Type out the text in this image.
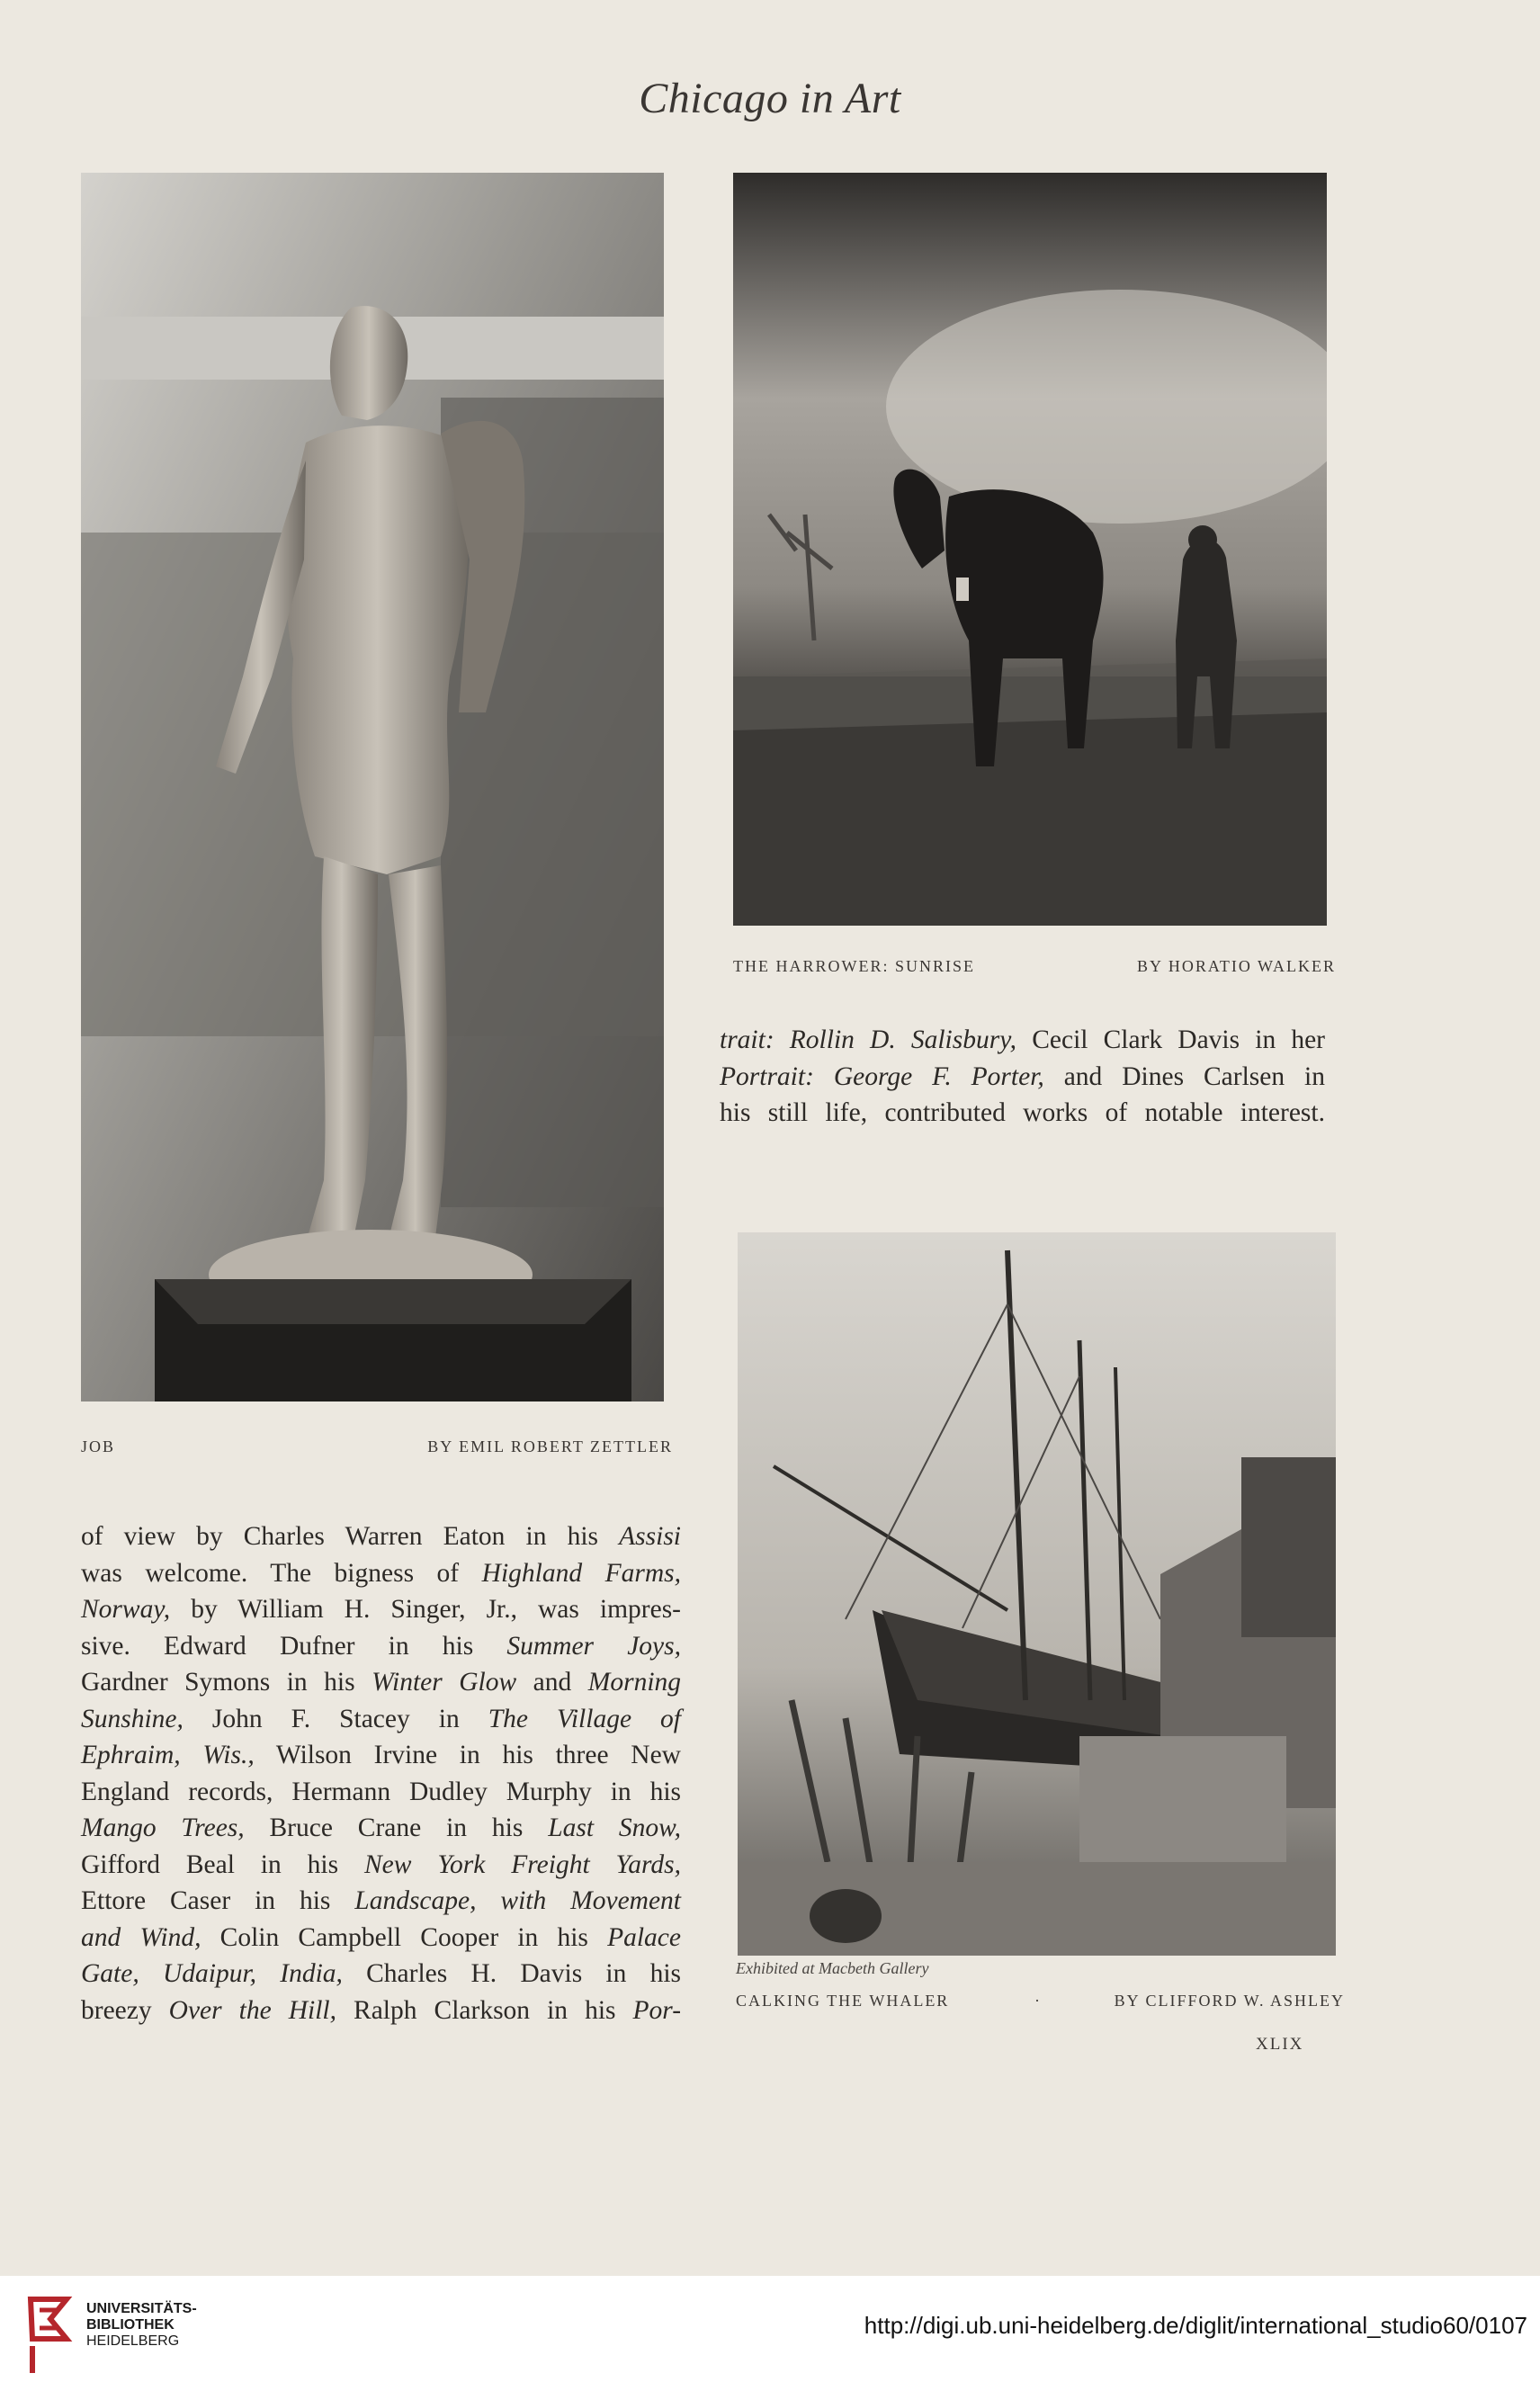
Chicago in Art
JOB	BY EMIL ROBERT ZETTLER
THE HARROWER: SUNRISE	BY HORATIO WALKER
trait: Rollin D. Salisbury, Cecil Clark Davis in her
Portrait: George F. Porter, and Dines Carlsen in
his still life, contributed works of notable interest.
Exhibited at Macbeth Gallery
CALKING THE WHALER	·	BY CLIFFORD W. ASHLEY
of view by Charles Warren Eaton in his Assisi
was welcome. The bigness of Highland Farms,
Norway, by William H. Singer, Jr., was impres-
sive. Edward Dufner in his Summer Joys,
Gardner Symons in his Winter Glow and Morning
Sunshine, John F. Stacey in The Village of
Ephraim, Wis., Wilson Irvine in his three New
England records, Hermann Dudley Murphy in his
Mango Trees, Bruce Crane in his Last Snow,
Gifford Beal in his New York Freight Yards,
Ettore Caser in his Landscape, with Movement
and Wind, Colin Campbell Cooper in his Palace
Gate, Udaipur, India, Charles H. Davis in his
breezy Over the Hill, Ralph Clarkson in his Por-
XLIX
UNIVERSITÄTS-
BIBLIOTHEK
HEIDELBERG
http://digi.ub.uni-heidelberg.de/diglit/international_studio60/0107
